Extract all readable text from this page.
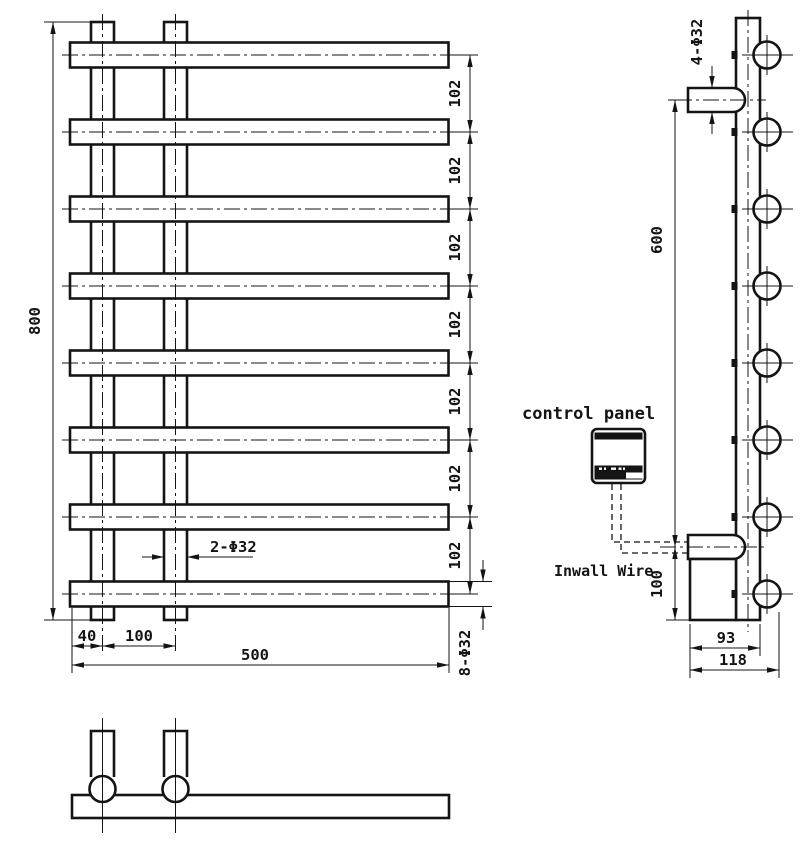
800
102
102
102
102
102
102
102
2-Φ32
8-Φ32
40 100
500
4-Φ32
600
100
93
118
control panel
Inwall Wire
